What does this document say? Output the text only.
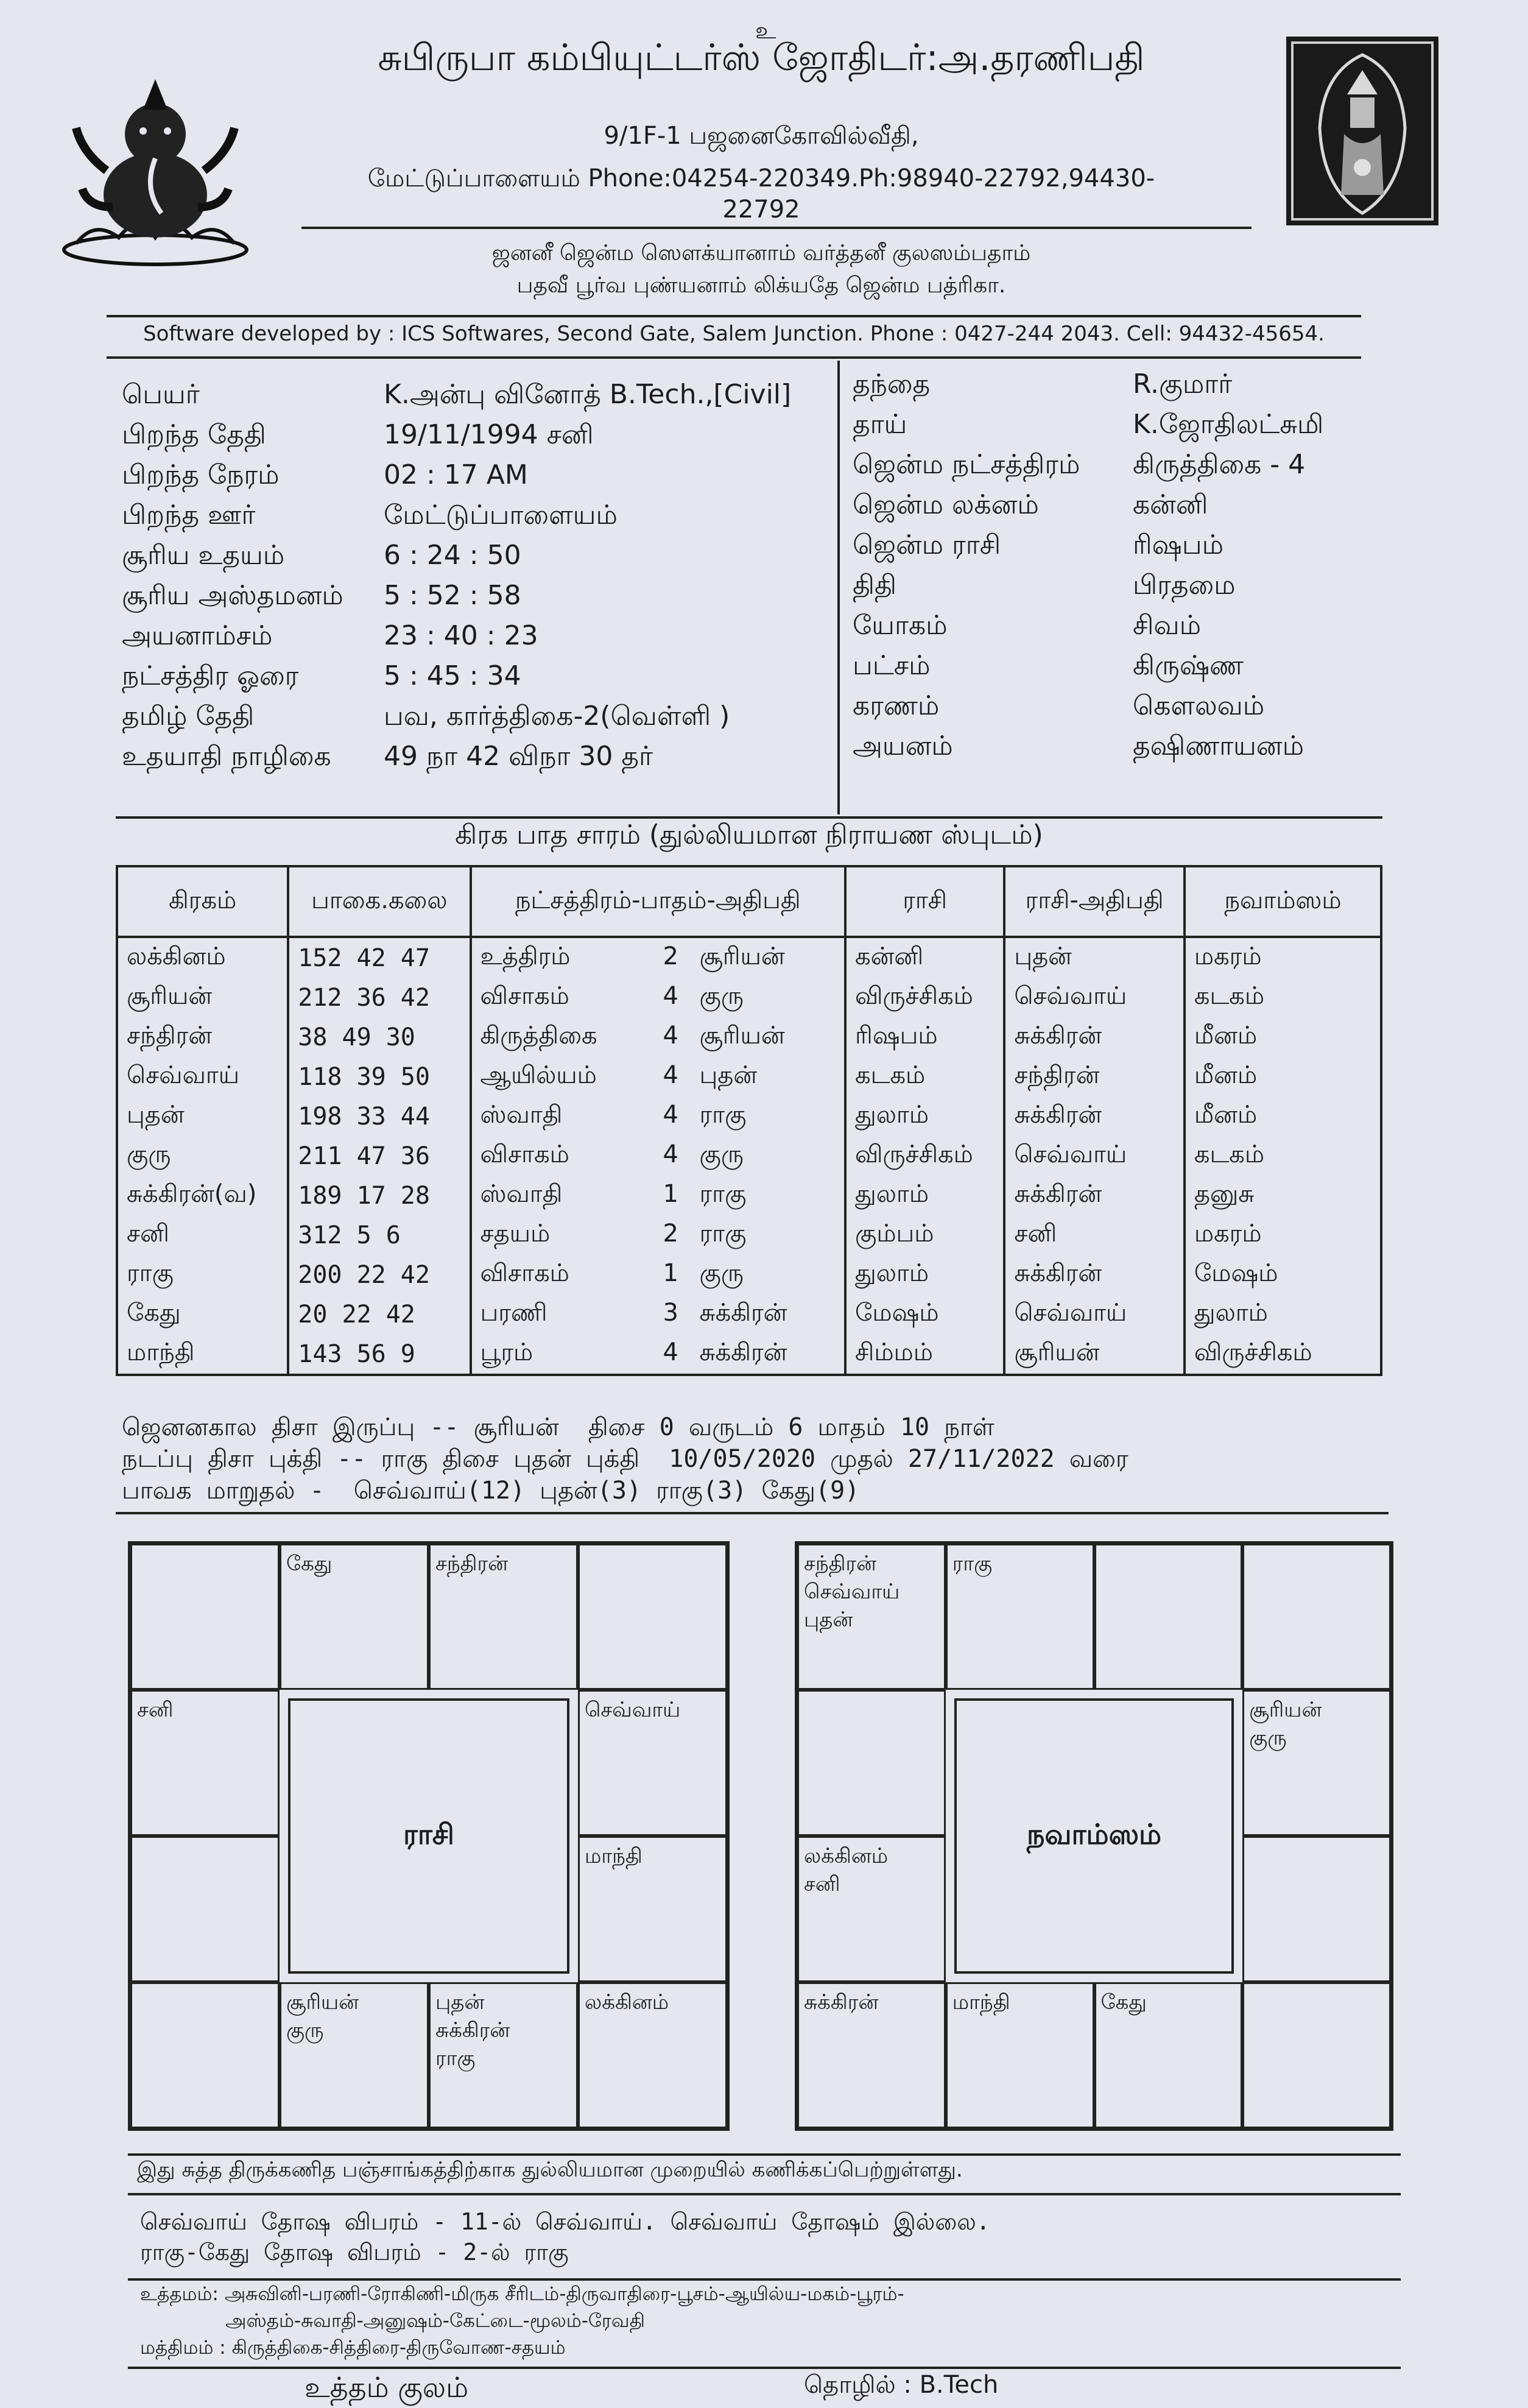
உ
சுபிருபா கம்பியுட்டர்ஸ் ஜோதிடர்:அ.தரணிபதி
9/1F-1 பஜனைகோவில்வீதி,
மேட்டுப்பாளையம் Phone:04254-220349.Ph:98940-22792,94430-22792
ஜனனீ ஜென்ம ஸௌக்யானாம் வர்த்தனீ குலஸம்பதாம்
பதவீ பூர்வ புண்யனாம் லிக்யதே ஜென்ம பத்ரிகா.
Software developed by : ICS Softwares, Second Gate, Salem Junction. Phone : 0427-244 2043. Cell: 94432-45654.
பெயர்	K.அன்பு வினோத் B.Tech.,[Civil]
பிறந்த தேதி	19/11/1994 சனி
பிறந்த நேரம்	02 : 17 AM
பிறந்த ஊர்	மேட்டுப்பாளையம்
சூரிய உதயம்	6 : 24 : 50
சூரிய அஸ்தமனம் 5 : 52 : 58
அயனாம்சம்	23 : 40 : 23
நட்சத்திர ஓரை	5 : 45 : 34
தமிழ் தேதி	பவ, கார்த்திகை-2(வெள்ளி )
உதயாதி நாழிகை 49 நா 42 விநா 30 தர்
தந்தை	R.குமார்
தாய்	K.ஜோதிலட்சுமி
ஜென்ம நட்சத்திரம் கிருத்திகை - 4
ஜென்ம லக்னம்	கன்னி
ஜென்ம ராசி	ரிஷபம்
திதி	பிரதமை
யோகம்	சிவம்
பட்சம்	கிருஷ்ண
கரணம்	கௌலவம்
அயனம்	தஷிணாயனம்
கிரக பாத சாரம் (துல்லியமான நிராயண ஸ்புடம்)
கிரகம்	பாகை.கலை	நட்சத்திரம்-பாதம்-அதிபதி	ராசி	ராசி-அதிபதி	நவாம்ஸம்
லக்கினம்	152 42 47	உத்திரம் 2 சூரியன்	கன்னி	புதன்	மகரம்
சூரியன்	212 36 42	விசாகம் 4 குரு	விருச்சிகம்	செவ்வாய்	கடகம்
சந்திரன்	38 49 30	கிருத்திகை 4 சூரியன்	ரிஷபம்	சுக்கிரன்	மீனம்
செவ்வாய்	118 39 50	ஆயில்யம் 4 புதன்	கடகம்	சந்திரன்	மீனம்
புதன்	198 33 44	ஸ்வாதி 4 ராகு	துலாம்	சுக்கிரன்	மீனம்
குரு	211 47 36	விசாகம் 4 குரு	விருச்சிகம்	செவ்வாய்	கடகம்
சுக்கிரன்(வ)	189 17 28	ஸ்வாதி 1 ராகு	துலாம்	சுக்கிரன்	தனுசு
சனி	312 5 6	சதயம் 2 ராகு	கும்பம்	சனி	மகரம்
ராகு	200 22 42	விசாகம் 1 குரு	துலாம்	சுக்கிரன்	மேஷம்
கேது	20 22 42	பரணி 3 சுக்கிரன்	மேஷம்	செவ்வாய்	துலாம்
மாந்தி	143 56 9	பூரம் 4 சுக்கிரன்	சிம்மம்	சூரியன்	விருச்சிகம்
ஜெனனகால திசா இருப்பு -- சூரியன்  திசை 0 வருடம் 6 மாதம் 10 நாள்
நடப்பு திசா புக்தி -- ராகு திசை புதன் புக்தி  10/05/2020 முதல் 27/11/2022 வரை
பாவக மாறுதல் -  செவ்வாய்(12) புதன்(3) ராகு(3) கேது(9)
கேது	சந்திரன்
சனி	செவ்வாய்
மாந்தி
சூரியன்
குரு
புதன்
சுக்கிரன்
ராகு
லக்கினம்
ராசி
சந்திரன்
செவ்வாய்
புதன்
ராகு
சூரியன்
குரு
லக்கினம்
சனி
சுக்கிரன்	மாந்தி	கேது
நவாம்ஸம்
இது சுத்த திருக்கணித பஞ்சாங்கத்திற்காக துல்லியமான முறையில் கணிக்கப்பெற்றுள்ளது.
செவ்வாய் தோஷ விபரம் - 11-ல் செவ்வாய். செவ்வாய் தோஷம் இல்லை.
ராகு-கேது தோஷ விபரம் - 2-ல் ராகு
உத்தமம்: அசுவினி-பரணி-ரோகிணி-மிருக சீரிடம்-திருவாதிரை-பூசம்-ஆயில்ய-மகம்-பூரம்-
அஸ்தம்-சுவாதி-அனுஷம்-கேட்டை-மூலம்-ரேவதி
மத்திமம் : கிருத்திகை-சித்திரை-திருவோண-சதயம்
உத்தம் குலம்	தொழில் : B.Tech
